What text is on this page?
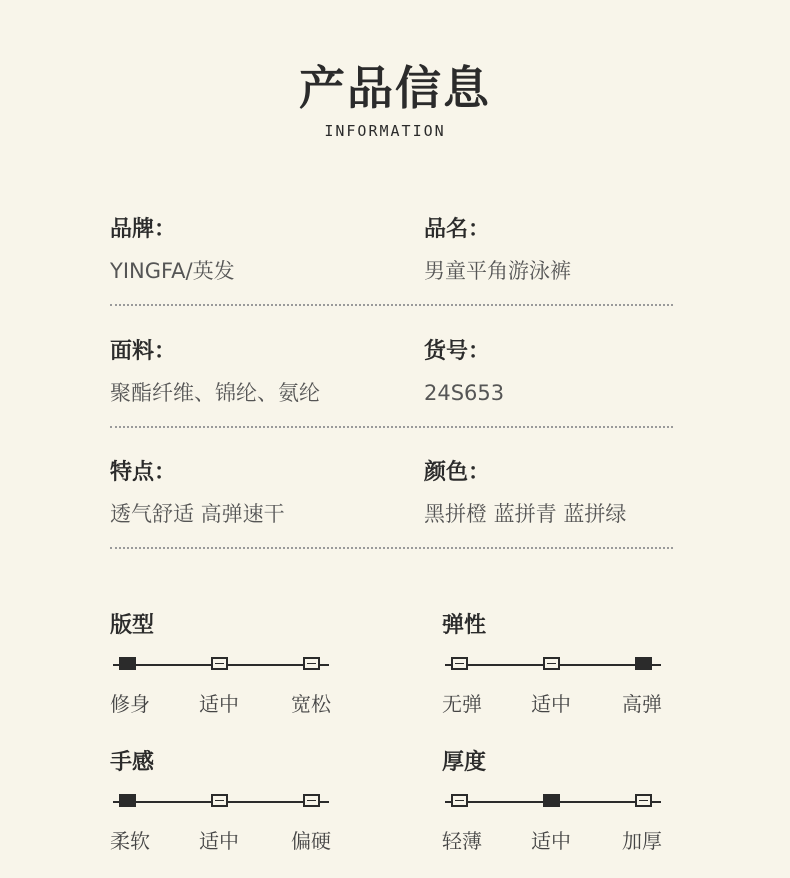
产品信息
INFORMATION
品牌：
YINGFA/英发
品名：
男童平角游泳裤
面料：
聚酯纤维、锦纶、氨纶
货号：
24S653
特点：
透气舒适 高弹速干
颜色：
黑拼橙 蓝拼青 蓝拼绿
版型
修身 适中	宽松
弹性
无弹 适中	高弹
手感
柔软 适中	偏硬
厚度
轻薄 适中	加厚
